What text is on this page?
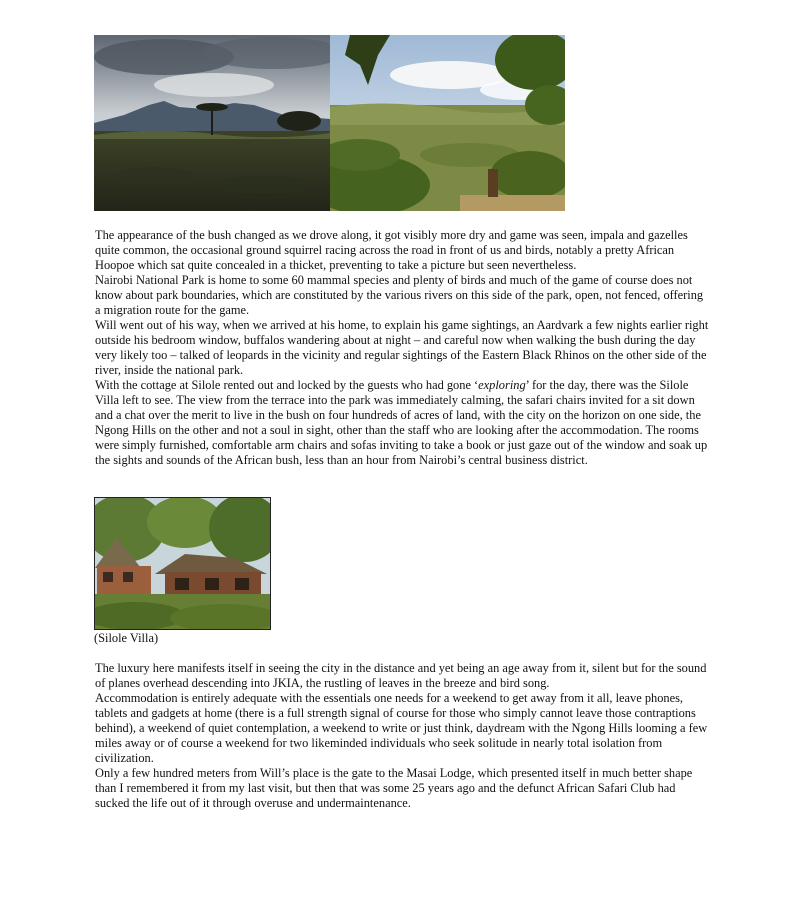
The appearance of the bush changed as we drove along, it got visibly more dry and game was seen, impala and gazelles quite common, the occasional ground squirrel racing across the road in front of us and birds, notably a pretty African Hoopoe which sat quite concealed in a thicket, preventing to take a picture but seen nevertheless.

Nairobi National Park is home to some 60 mammal species and plenty of birds and much of the game of course does not know about park boundaries, which are constituted by the various rivers on this side of the park, open, not fenced, offering a migration route for the game.

Will went out of his way, when we arrived at his home, to explain his game sightings, an Aardvark a few nights earlier right outside his bedroom window, buffalos wandering about at night – and careful now when walking the bush during the day very likely too – talked of leopards in the vicinity and regular sightings of the Eastern Black Rhinos on the other side of the river, inside the national park.

With the cottage at Silole rented out and locked by the guests who had gone ‘exploring’ for the day, there was the Silole Villa left to see. The view from the terrace into the park was immediately calming, the safari chairs invited for a sit down and a chat over the merit to live in the bush on four hundreds of acres of land, with the city on the horizon on one side, the Ngong Hills on the other and not a soul in sight, other than the staff who are looking after the accommodation. The rooms were simply furnished, comfortable arm chairs and sofas inviting to take a book or just gaze out of the window and soak up the sights and sounds of the African bush, less than an hour from Nairobi’s central business district.

(Silole Villa)

The luxury here manifests itself in seeing the city in the distance and yet being an age away from it, silent but for the sound of planes overhead descending into JKIA, the rustling of leaves in the breeze and bird song.

Accommodation is entirely adequate with the essentials one needs for a weekend to get away from it all, leave phones, tablets and gadgets at home (there is a full strength signal of course for those who simply cannot leave those contraptions behind), a weekend of quiet contemplation, a weekend to write or just think, daydream with the Ngong Hills looming a few miles away or of course a weekend for two likeminded individuals who seek solitude in nearly total isolation from civilization.

Only a few hundred meters from Will’s place is the gate to the Masai Lodge, which presented itself in much better shape than I remembered it from my last visit, but then that was some 25 years ago and the defunct African Safari Club had sucked the life out of it through overuse and undermaintenance.
